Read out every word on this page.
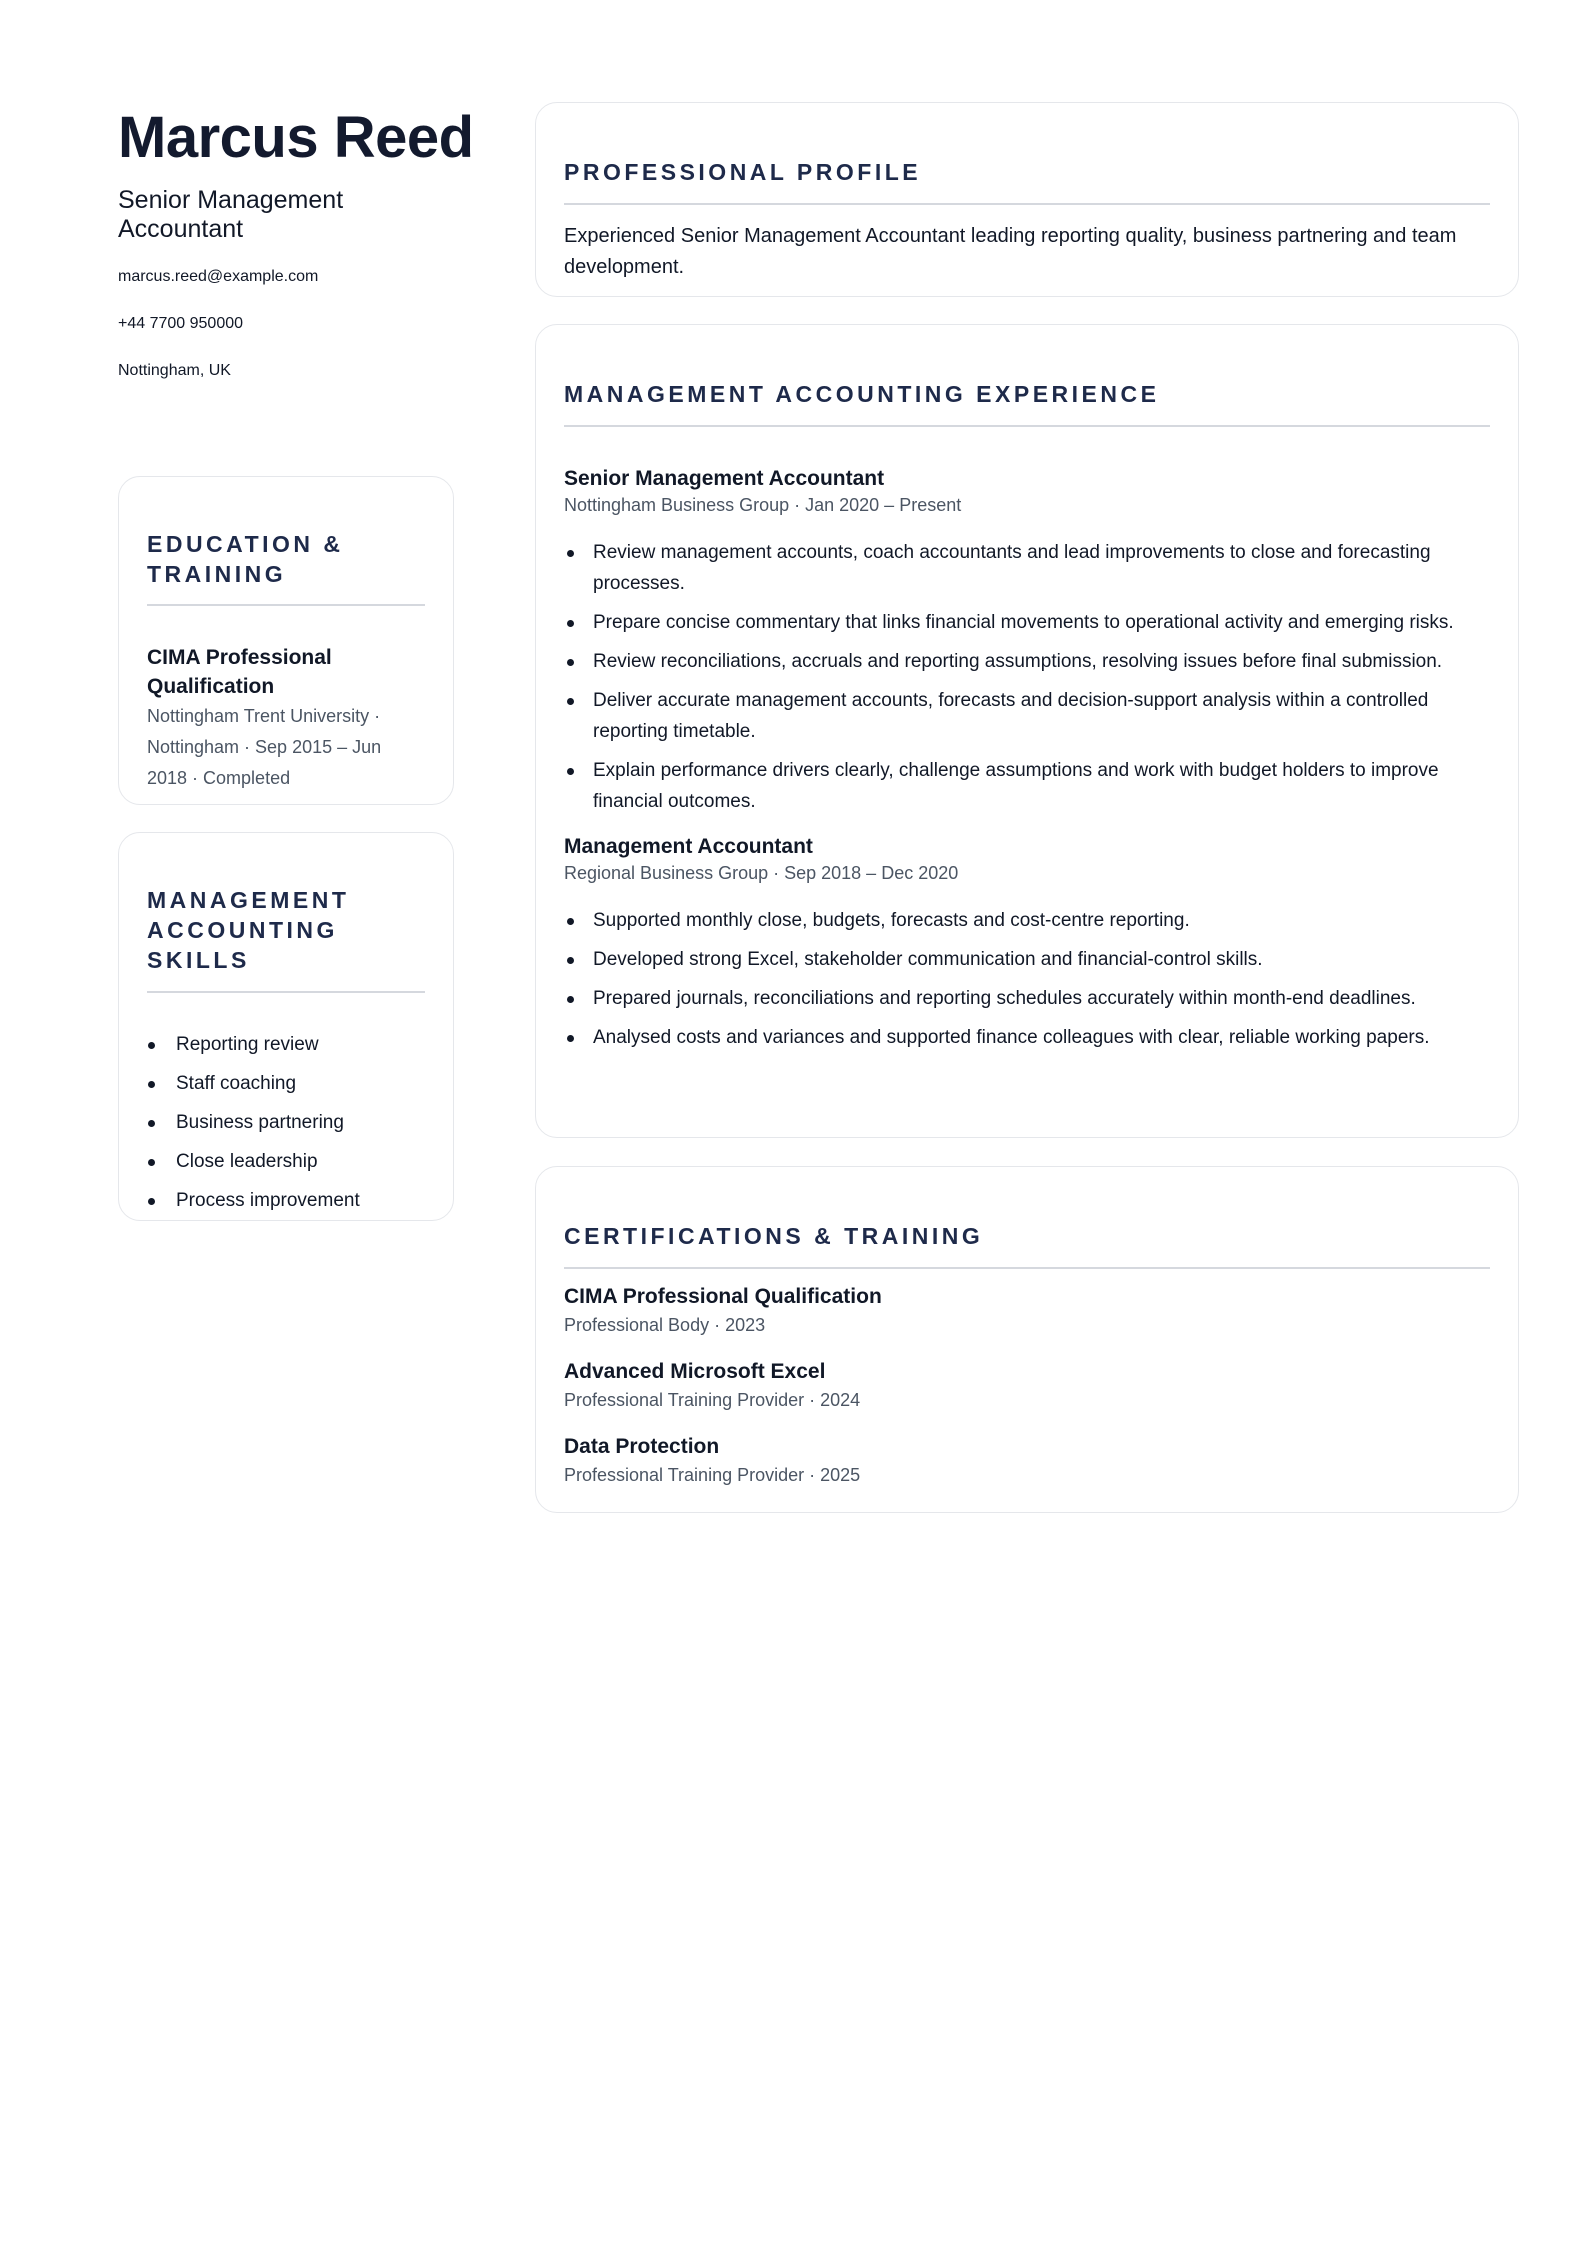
Marcus Reed
Senior Management Accountant
marcus.reed@example.com
+44 7700 950000
Nottingham, UK
EDUCATION & TRAINING
CIMA Professional Qualification
Nottingham Trent University · Nottingham · Sep 2015 – Jun 2018 · Completed
MANAGEMENT ACCOUNTING SKILLS
Reporting review
Staff coaching
Business partnering
Close leadership
Process improvement
PROFESSIONAL PROFILE
Experienced Senior Management Accountant leading reporting quality, business partnering and team development.
MANAGEMENT ACCOUNTING EXPERIENCE
Senior Management Accountant
Nottingham Business Group · Jan 2020 – Present
Review management accounts, coach accountants and lead improvements to close and forecasting processes.
Prepare concise commentary that links financial movements to operational activity and emerging risks.
Review reconciliations, accruals and reporting assumptions, resolving issues before final submission.
Deliver accurate management accounts, forecasts and decision-support analysis within a controlled reporting timetable.
Explain performance drivers clearly, challenge assumptions and work with budget holders to improve financial outcomes.
Management Accountant
Regional Business Group · Sep 2018 – Dec 2020
Supported monthly close, budgets, forecasts and cost-centre reporting.
Developed strong Excel, stakeholder communication and financial-control skills.
Prepared journals, reconciliations and reporting schedules accurately within month-end deadlines.
Analysed costs and variances and supported finance colleagues with clear, reliable working papers.
CERTIFICATIONS & TRAINING
CIMA Professional Qualification
Professional Body · 2023
Advanced Microsoft Excel
Professional Training Provider · 2024
Data Protection
Professional Training Provider · 2025
